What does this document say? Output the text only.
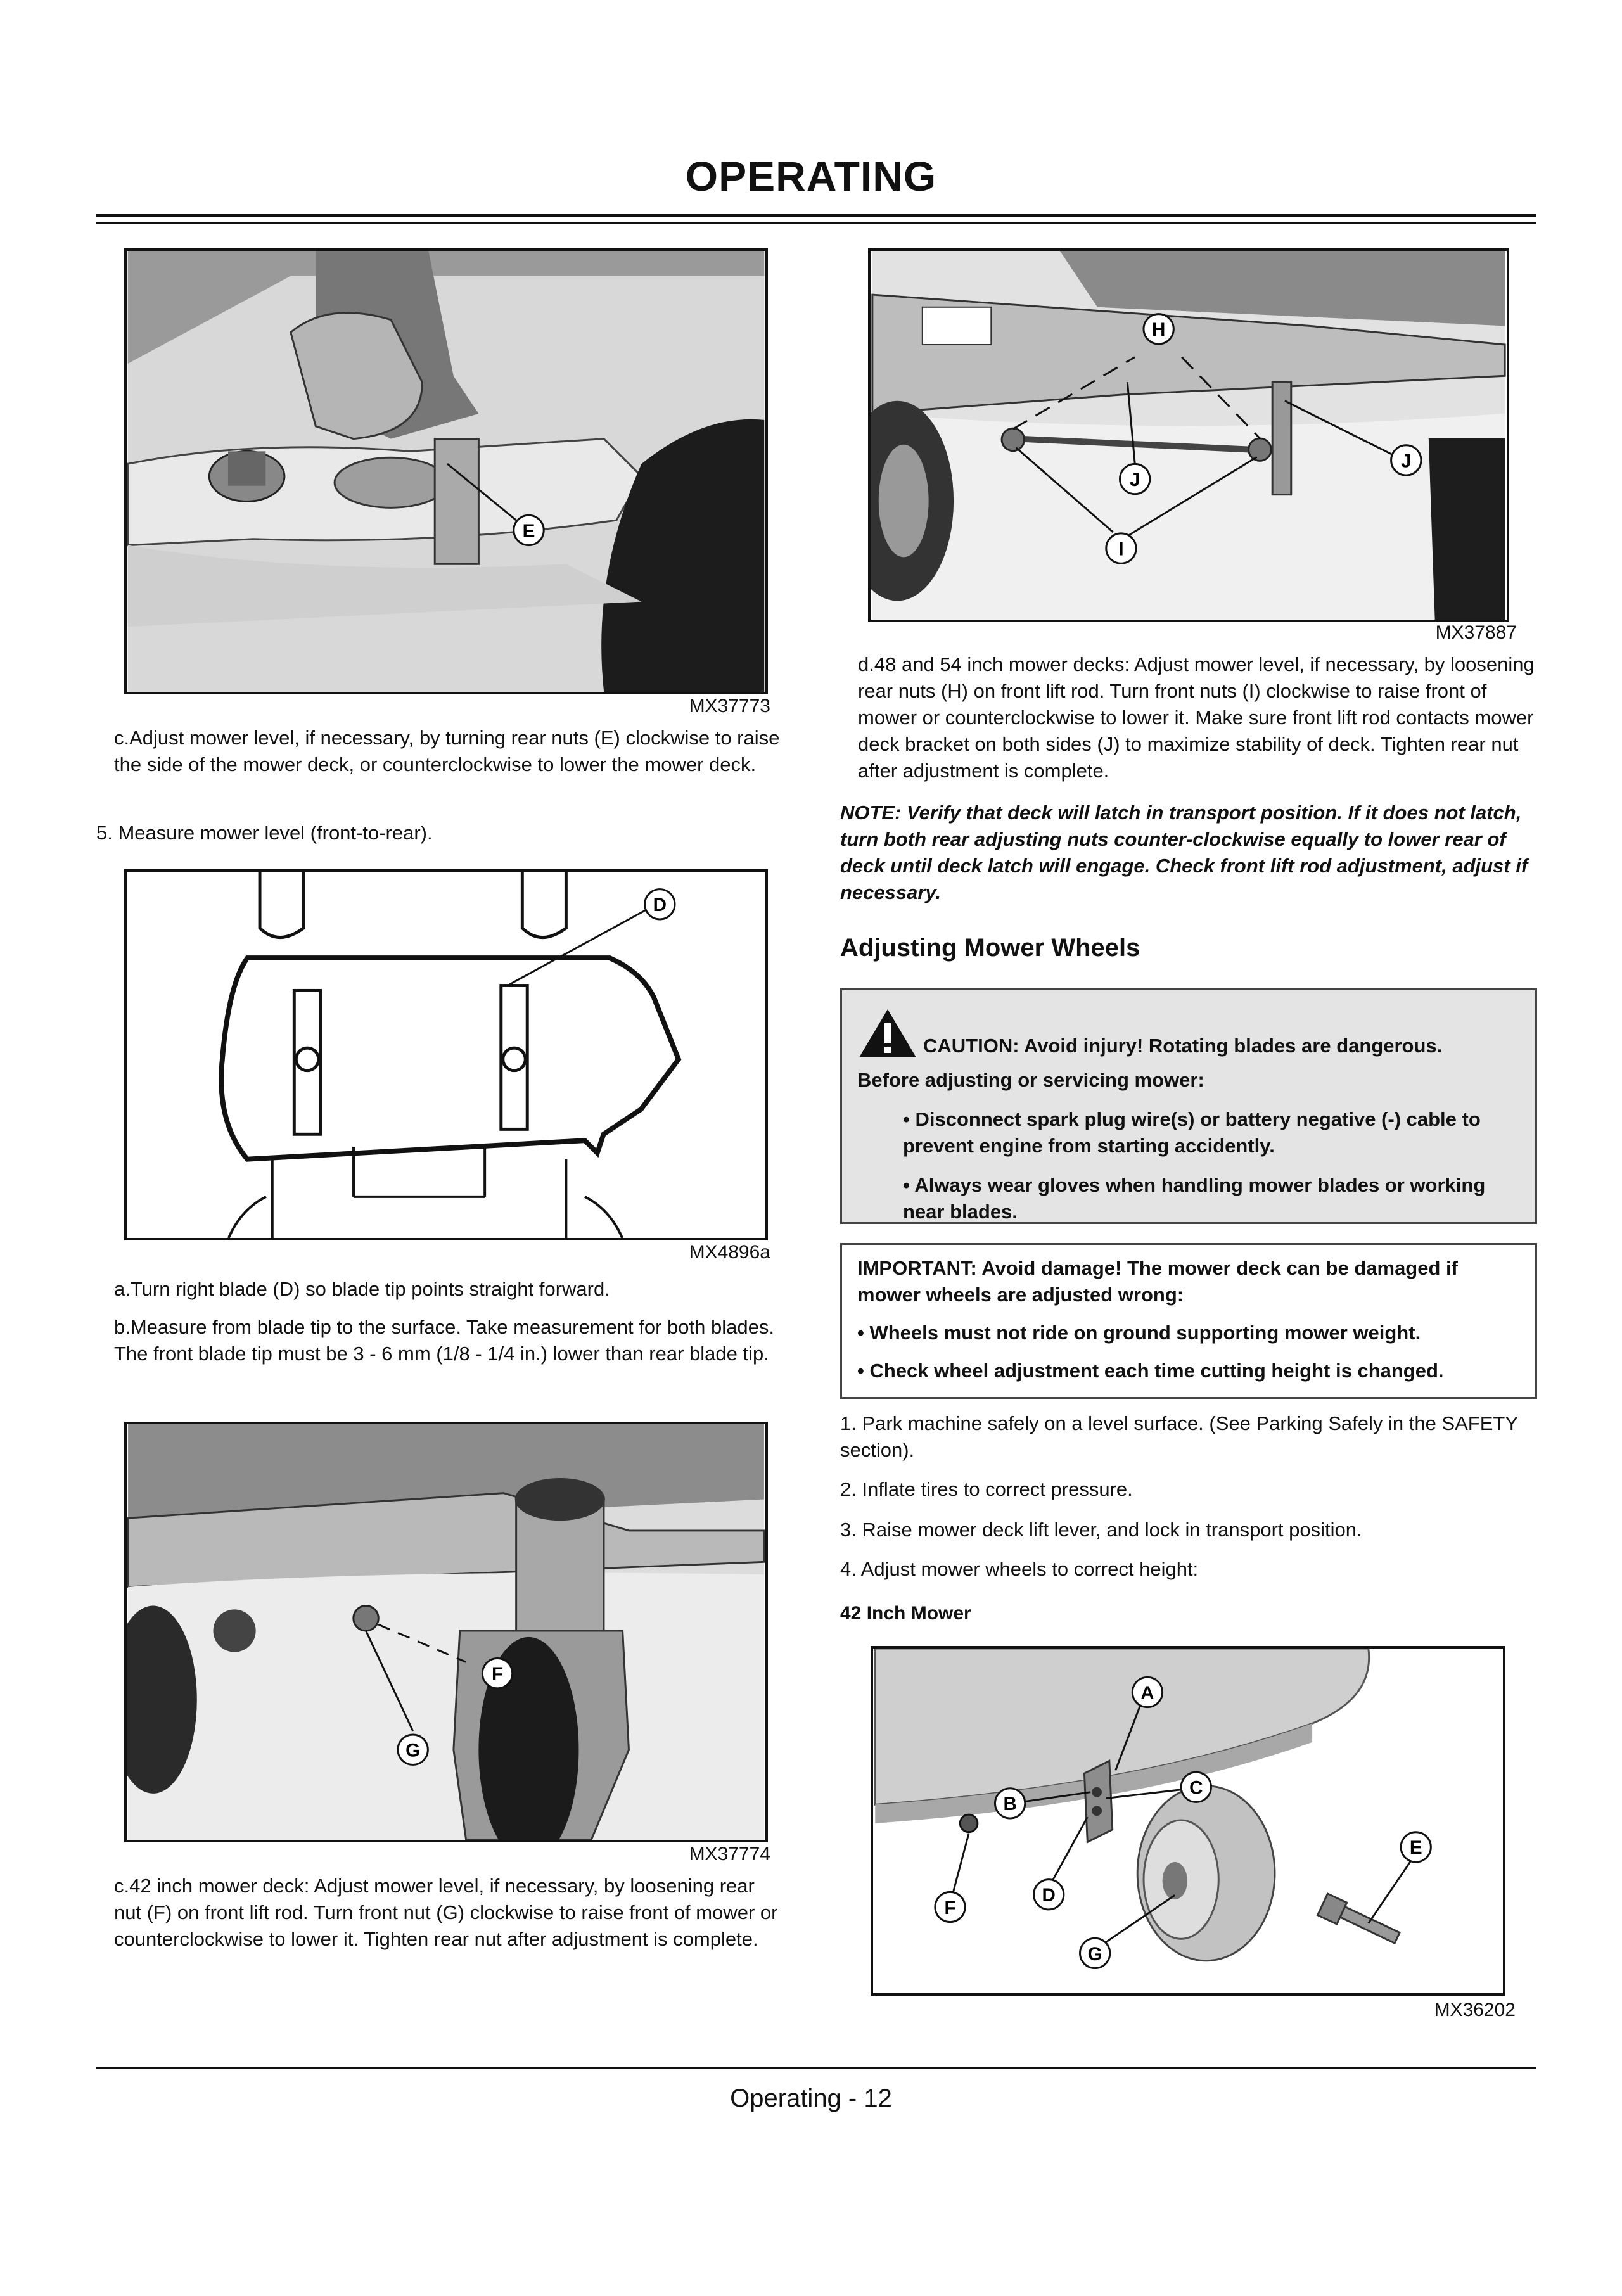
OPERATING
E
MX37773
c.Adjust mower level, if necessary, by turning rear nuts (E) clockwise to raise the side of the mower deck, or counterclockwise to lower the mower deck.
5. Measure mower level (front-to-rear).
D
MX4896a
a.Turn right blade (D) so blade tip points straight forward.
b.Measure from blade tip to the surface. Take measurement for both blades. The front blade tip must be 3 - 6 mm (1/8 - 1/4 in.) lower than rear blade tip.
F
G
MX37774
c.42 inch mower deck: Adjust mower level, if necessary, by loosening rear nut (F) on front lift rod. Turn front nut (G) clockwise to raise front of mower or counterclockwise to lower it. Tighten rear nut after adjustment is complete.
H
J
J
I
MX37887
d.48 and 54 inch mower decks: Adjust mower level, if necessary, by loosening rear nuts (H) on front lift rod. Turn front nuts (I) clockwise to raise front of mower or counterclockwise to lower it. Make sure front lift rod contacts mower deck bracket on both sides (J) to maximize stability of deck. Tighten rear nut after adjustment is complete.
NOTE: Verify that deck will latch in transport position. If it does not latch, turn both rear adjusting nuts counter-clockwise equally to lower rear of deck until deck latch will engage. Check front lift rod adjustment, adjust if necessary.
Adjusting Mower Wheels
CAUTION: Avoid injury! Rotating blades are dangerous.
Before adjusting or servicing mower:
• Disconnect spark plug wire(s) or battery negative (-) cable to prevent engine from starting accidently.
• Always wear gloves when handling mower blades or working near blades.

IMPORTANT: Avoid damage! The mower deck can be damaged if mower wheels are adjusted wrong:

• Wheels must not ride on ground supporting mower weight.

• Check wheel adjustment each time cutting height is changed.

1. Park machine safely on a level surface. (See Parking Safely in the SAFETY section).
2. Inflate tires to correct pressure.
3. Raise mower deck lift lever, and lock in transport position.
4. Adjust mower wheels to correct height:
42 Inch Mower
A
B
C
D
E
F
G
MX36202
Operating - 12
